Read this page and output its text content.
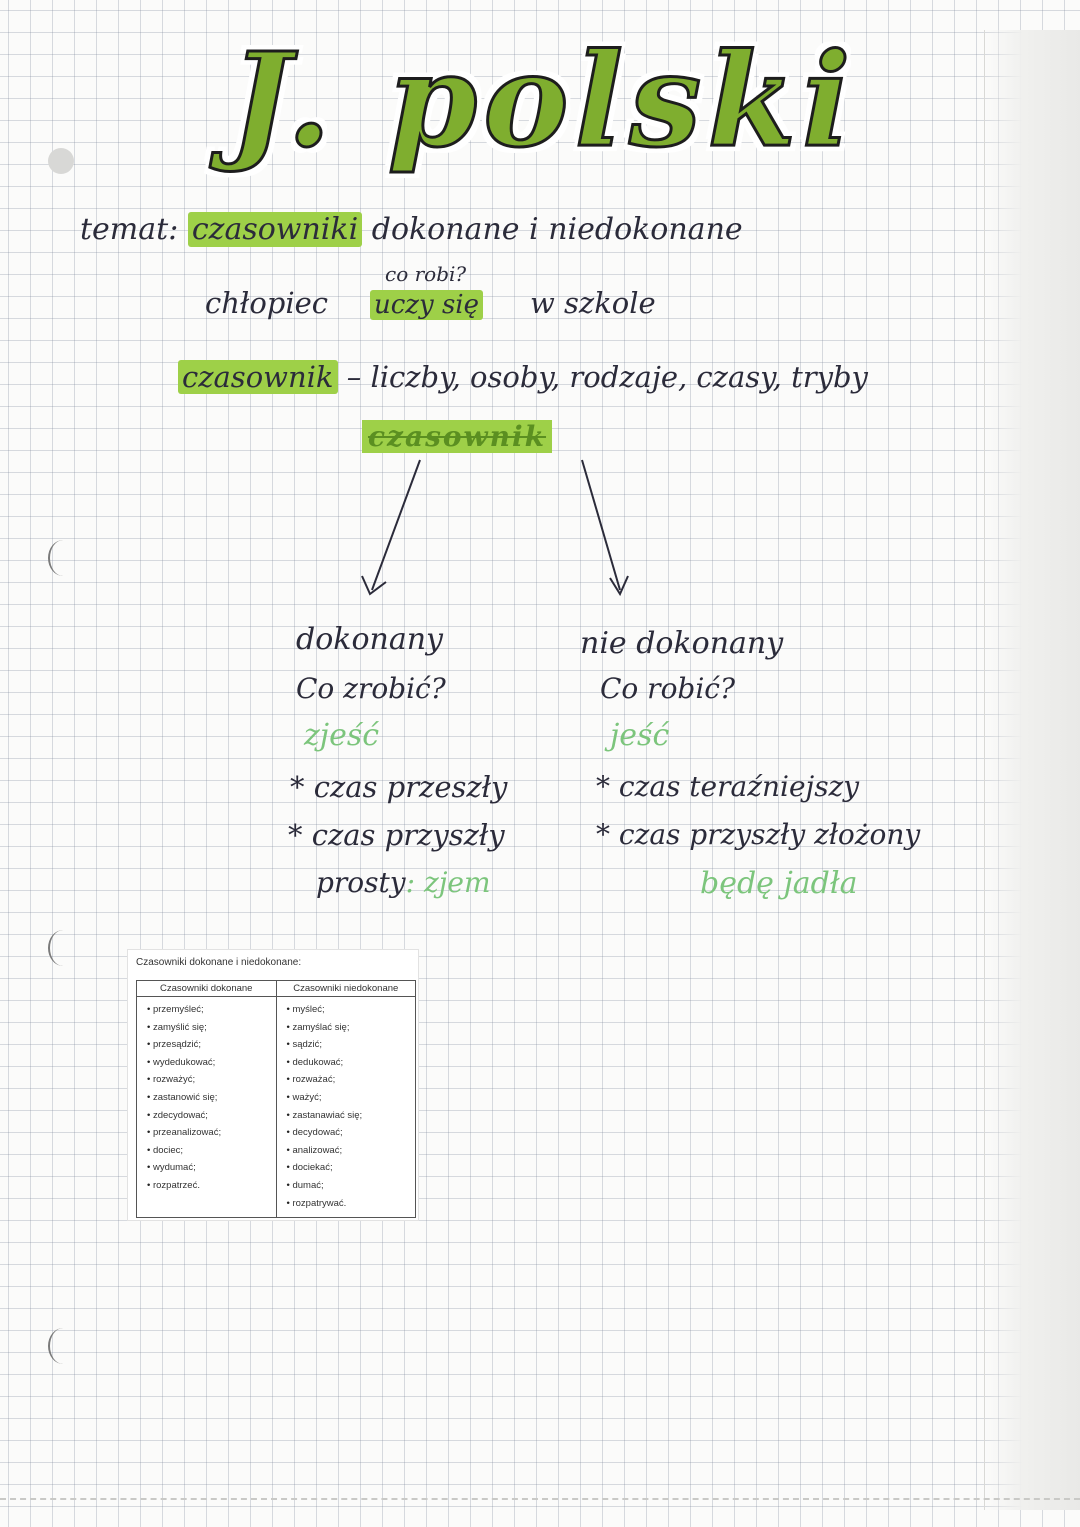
J. polski
temat: czasowniki dokonane i niedokonane
co robi?
chłopiec uczy się w szkole
czasownik – liczby, osoby, rodzaje, czasy, tryby
czasownik
dokonany
Co zrobić?
zjeść
* czas przeszły
* czas przyszły
prosty: zjem
nie dokonany
Co robić?
jeść
* czas teraźniejszy
* czas przyszły złożony
będę jadła
Czasowniki dokonane i niedokonane:
Czasowniki dokonane	Czasowniki niedokonane
• przemyśleć;
• zamyślić się;
• przesądzić;
• wydedukować;
• rozważyć;
• zastanowić się;
• zdecydować;
• przeanalizować;
• dociec;
• wydumać;
• rozpatrzeć.
• myśleć;
• zamyślać się;
• sądzić;
• dedukować;
• rozważać;
• ważyć;
• zastanawiać się;
• decydować;
• analizować;
• dociekać;
• dumać;
• rozpatrywać.
